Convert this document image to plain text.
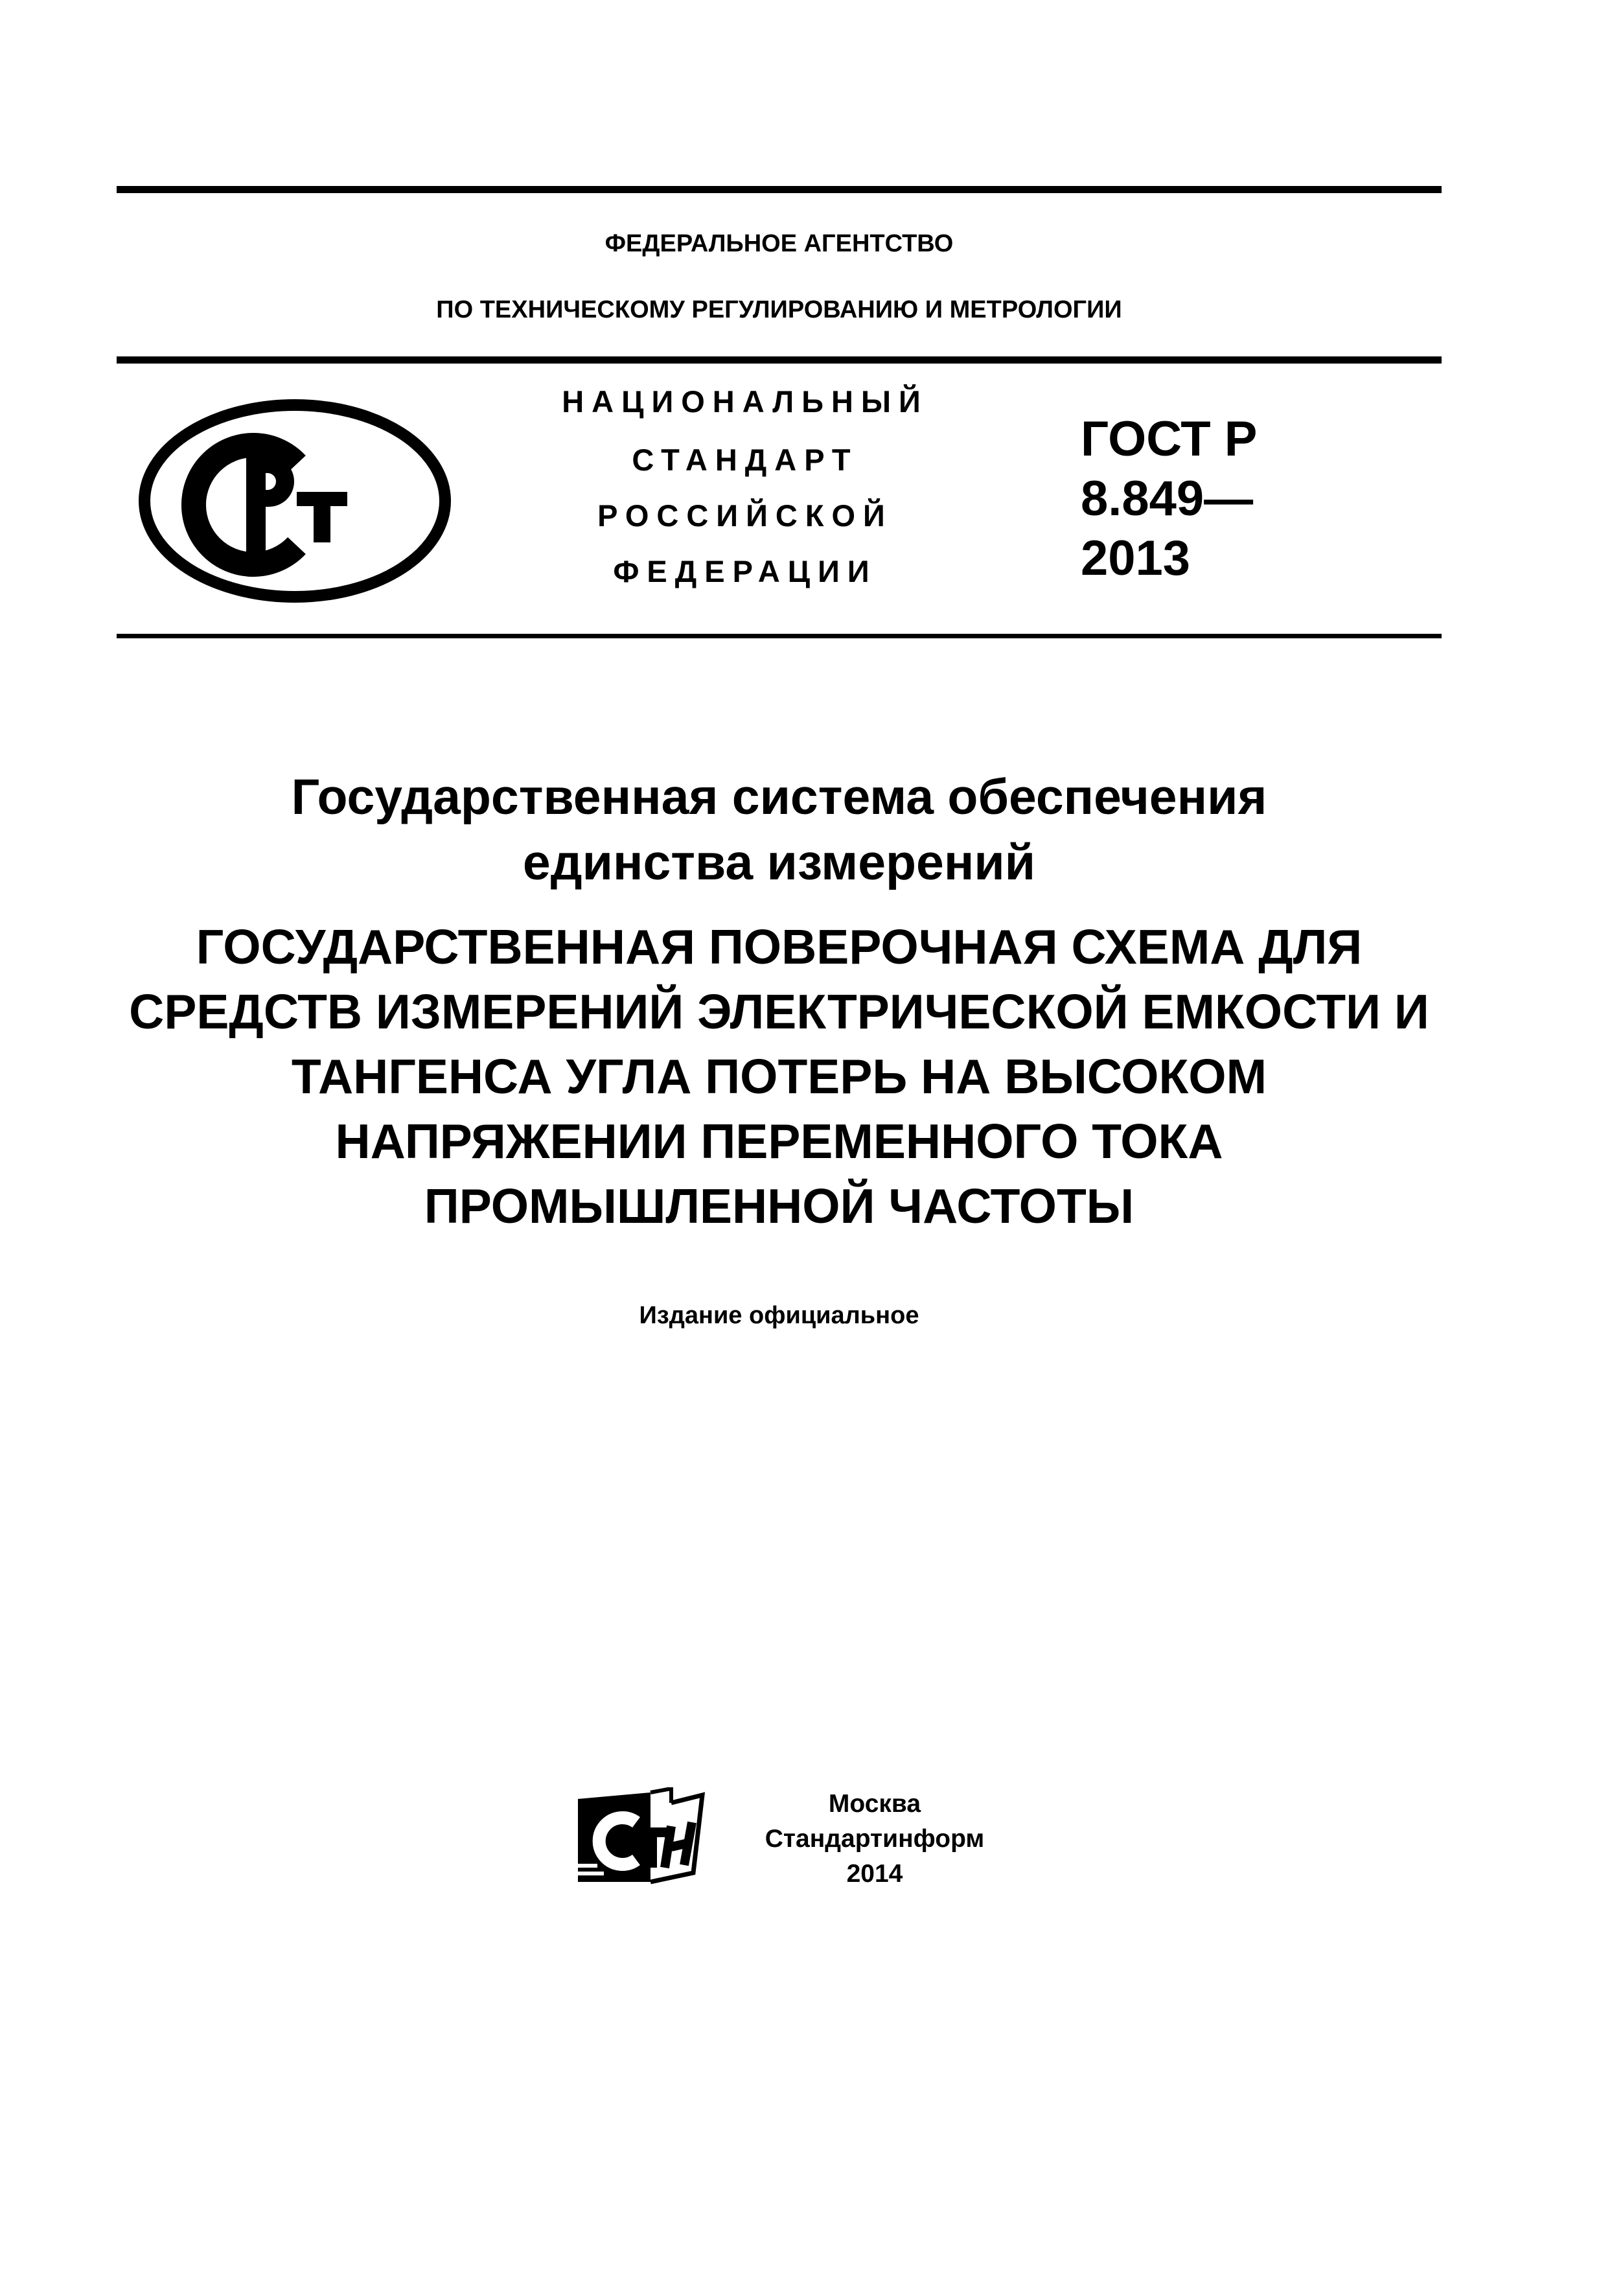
ФЕДЕРАЛЬНОЕ АГЕНТСТВО
ПО ТЕХНИЧЕСКОМУ РЕГУЛИРОВАНИЮ И МЕТРОЛОГИИ
НАЦИОНАЛЬНЫЙ
СТАНДАРТ
РОССИЙСКОЙ
ФЕДЕРАЦИИ
ГОСТ Р
8.849—
2013
Государственная система обеспечения
единства измерений
ГОСУДАРСТВЕННАЯ ПОВЕРОЧНАЯ СХЕМА ДЛЯ
СРЕДСТВ ИЗМЕРЕНИЙ ЭЛЕКТРИЧЕСКОЙ ЕМКОСТИ И
ТАНГЕНСА УГЛА ПОТЕРЬ НА ВЫСОКОМ
НАПРЯЖЕНИИ ПЕРЕМЕННОГО ТОКА
ПРОМЫШЛЕННОЙ ЧАСТОТЫ
Издание официальное
Москва
Стандартинформ
2014
